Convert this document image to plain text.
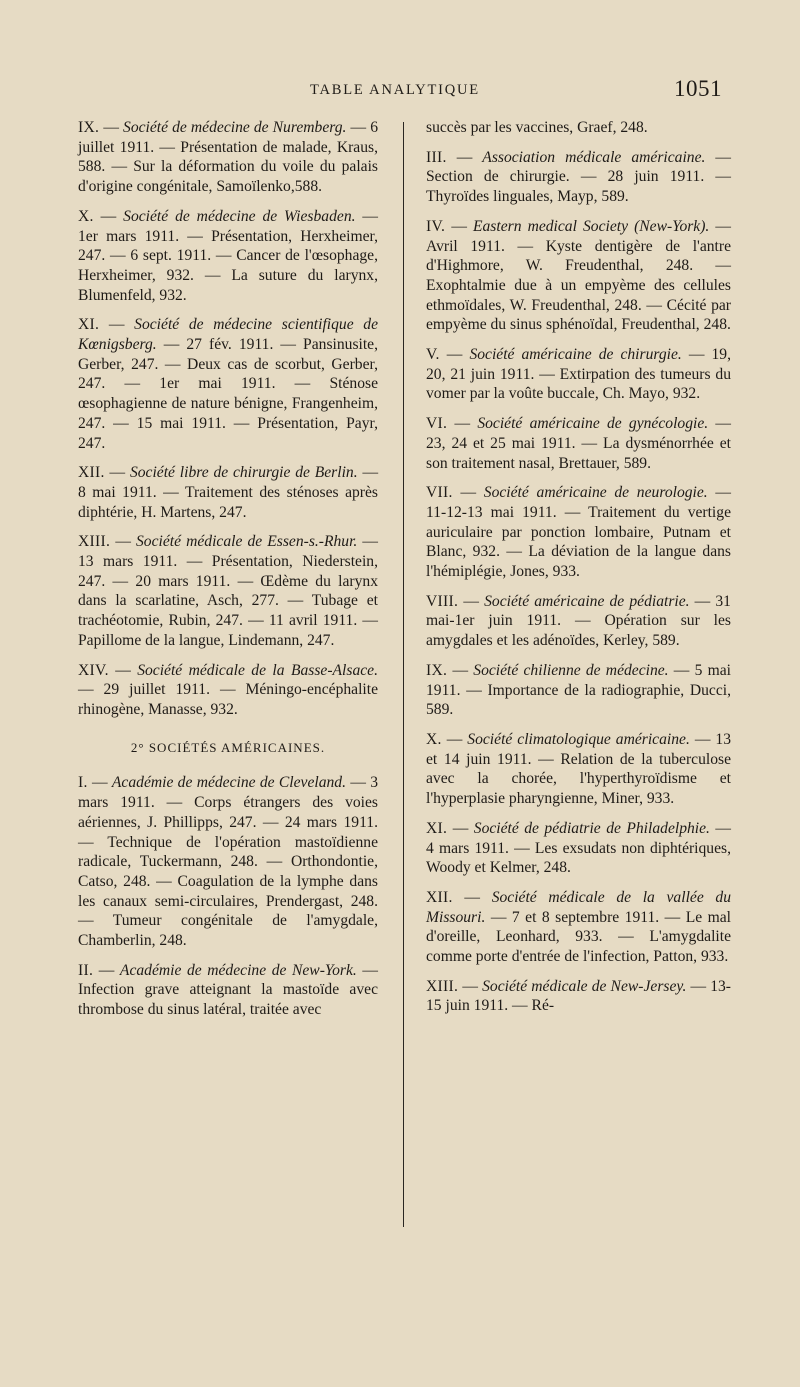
TABLE ANALYTIQUE	1051

IX. — Société de médecine de Nuremberg. — 6 juillet 1911. — Présentation de malade, Kraus, 588. — Sur la déformation du voile du palais d'origine congénitale, Samoïlenko,588.

X. — Société de médecine de Wiesbaden. — 1er mars 1911. — Présentation, Herxheimer, 247. — 6 sept. 1911. — Cancer de l'œsophage, Herxheimer, 932. — La suture du larynx, Blumenfeld, 932.

XI. — Société de médecine scientifique de Kœnigsberg. — 27 fév. 1911. — Pansinusite, Gerber, 247. — Deux cas de scorbut, Gerber, 247. — 1er mai 1911. — Sténose œsophagienne de nature bénigne, Frangenheim, 247. — 15 mai 1911. — Présentation, Payr, 247.

XII. — Société libre de chirurgie de Berlin. — 8 mai 1911. — Traitement des sténoses après diphtérie, H. Martens, 247.

XIII. — Société médicale de Essen-s.-Rhur. — 13 mars 1911. — Présentation, Niederstein, 247. — 20 mars 1911. — Œdème du larynx dans la scarlatine, Asch, 277. — Tubage et trachéotomie, Rubin, 247. — 11 avril 1911. — Papillome de la langue, Lindemann, 247.

XIV. — Société médicale de la Basse-Alsace. — 29 juillet 1911. — Méningo-encéphalite rhinogène, Manasse, 932.

2° SOCIÉTÉS AMÉRICAINES.

I. — Académie de médecine de Cleveland. — 3 mars 1911. — Corps étrangers des voies aériennes, J. Phillipps, 247. — 24 mars 1911. — Technique de l'opération mastoïdienne radicale, Tuckermann, 248. — Orthondontie, Catso, 248. — Coagulation de la lymphe dans les canaux semi-circulaires, Prendergast, 248. — Tumeur congénitale de l'amygdale, Chamberlin, 248.

II. — Académie de médecine de New-York. — Infection grave atteignant la mastoïde avec thrombose du sinus latéral, traitée avec

succès par les vaccines, Graef, 248.

III. — Association médicale américaine. — Section de chirurgie. — 28 juin 1911. — Thyroïdes linguales, Mayp, 589.

IV. — Eastern medical Society (New-York). — Avril 1911. — Kyste dentigère de l'antre d'Highmore, W. Freudenthal, 248. — Exophtalmie due à un empyème des cellules ethmoïdales, W. Freudenthal, 248. — Cécité par empyème du sinus sphénoïdal, Freudenthal, 248.

V. — Société américaine de chirurgie. — 19, 20, 21 juin 1911. — Extirpation des tumeurs du vomer par la voûte buccale, Ch. Mayo, 932.

VI. — Société américaine de gynécologie. — 23, 24 et 25 mai 1911. — La dysménorrhée et son traitement nasal, Brettauer, 589.

VII. — Société américaine de neurologie. — 11-12-13 mai 1911. — Traitement du vertige auriculaire par ponction lombaire, Putnam et Blanc, 932. — La déviation de la langue dans l'hémiplégie, Jones, 933.

VIII. — Société américaine de pédiatrie. — 31 mai-1er juin 1911. — Opération sur les amygdales et les adénoïdes, Kerley, 589.

IX. — Société chilienne de médecine. — 5 mai 1911. — Importance de la radiographie, Ducci, 589.

X. — Société climatologique américaine. — 13 et 14 juin 1911. — Relation de la tuberculose avec la chorée, l'hyperthyroïdisme et l'hyperplasie pharyngienne, Miner, 933.

XI. — Société de pédiatrie de Philadelphie. — 4 mars 1911. — Les exsudats non diphtériques, Woody et Kelmer, 248.

XII. — Société médicale de la vallée du Missouri. — 7 et 8 septembre 1911. — Le mal d'oreille, Leonhard, 933. — L'amygdalite comme porte d'entrée de l'infection, Patton, 933.

XIII. — Société médicale de New-Jersey. — 13-15 juin 1911. — Ré-
